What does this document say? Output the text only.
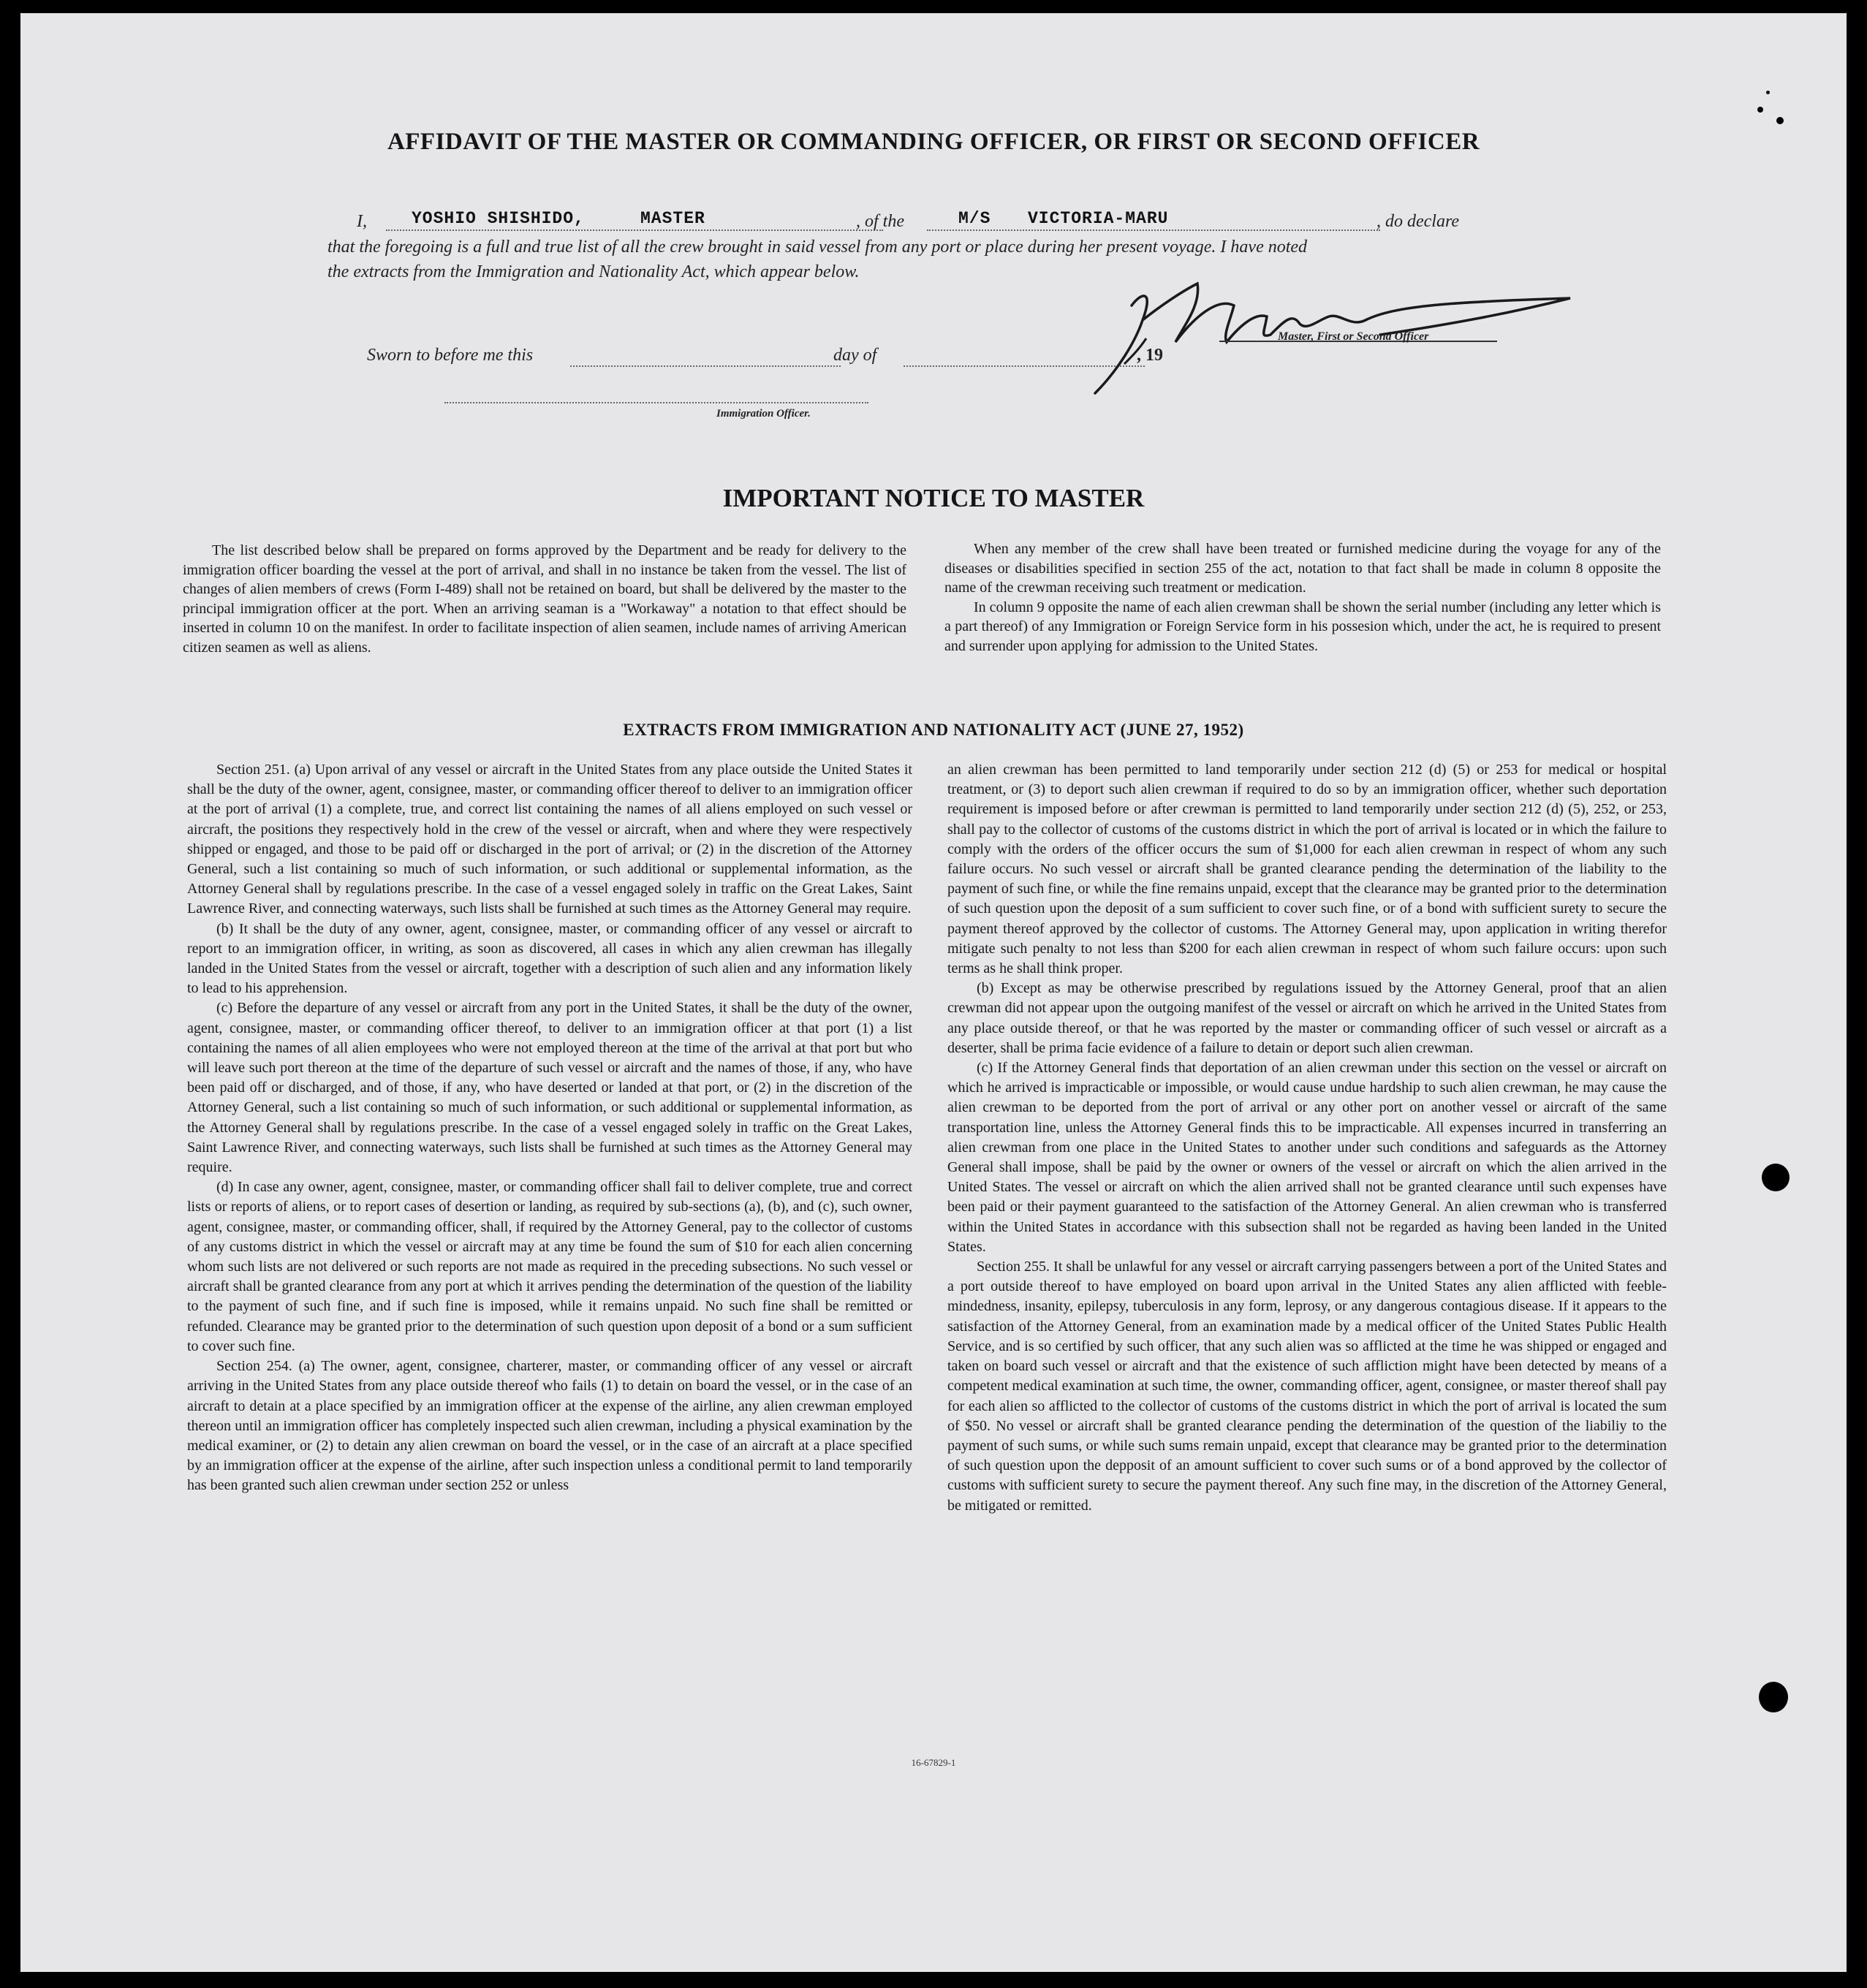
AFFIDAVIT OF THE MASTER OR COMMANDING OFFICER, OR FIRST OR SECOND OFFICER
I,	YOSHIO SHISHIDO,	MASTER	, of the	M/S VICTORIA-MARU	, do declare
that the foregoing is a full and true list of all the crew brought in said vessel from any port or place during her present voyage. I have noted
the extracts from the Immigration and Nationality Act, which appear below.
Sworn to before me this	day of	, 19
Master, First or Second Officer
Immigration Officer.
IMPORTANT NOTICE TO MASTER

The list described below shall be prepared on forms approved by the Department and be ready for delivery to the immigration officer boarding the vessel at the port of arrival, and shall in no instance be taken from the vessel. The list of changes of alien members of crews (Form I-489) shall not be retained on board, but shall be delivered by the master to the principal immigration officer at the port. When an arriving seaman is a "Workaway" a notation to that effect should be inserted in column 10 on the manifest. In order to facilitate inspection of alien seamen, include names of arriving American citizen seamen as well as aliens.

When any member of the crew shall have been treated or furnished medicine during the voyage for any of the diseases or disabilities specified in section 255 of the act, notation to that fact shall be made in column 8 opposite the name of the crewman receiving such treatment or medication.

In column 9 opposite the name of each alien crewman shall be shown the serial number (including any letter which is a part thereof) of any Immigration or Foreign Service form in his possesion which, under the act, he is required to present and surrender upon applying for admission to the United States.

EXTRACTS FROM IMMIGRATION AND NATIONALITY ACT (JUNE 27, 1952)

Section 251. (a) Upon arrival of any vessel or aircraft in the United States from any place outside the United States it shall be the duty of the owner, agent, consignee, master, or commanding officer thereof to deliver to an immigration officer at the port of arrival (1) a complete, true, and correct list containing the names of all aliens employed on such vessel or aircraft, the positions they respectively hold in the crew of the vessel or aircraft, when and where they were respectively shipped or engaged, and those to be paid off or discharged in the port of arrival; or (2) in the discretion of the Attorney General, such a list containing so much of such information, or such additional or supplemental information, as the Attorney General shall by regulations prescribe. In the case of a vessel engaged solely in traffic on the Great Lakes, Saint Lawrence River, and connecting waterways, such lists shall be furnished at such times as the Attorney General may require.

(b) It shall be the duty of any owner, agent, consignee, master, or commanding officer of any vessel or aircraft to report to an immigration officer, in writing, as soon as discovered, all cases in which any alien crewman has illegally landed in the United States from the vessel or aircraft, together with a description of such alien and any information likely to lead to his apprehension.

(c) Before the departure of any vessel or aircraft from any port in the United States, it shall be the duty of the owner, agent, consignee, master, or commanding officer thereof, to deliver to an immigration officer at that port (1) a list containing the names of all alien employees who were not employed thereon at the time of the arrival at that port but who will leave such port thereon at the time of the departure of such vessel or aircraft and the names of those, if any, who have been paid off or discharged, and of those, if any, who have deserted or landed at that port, or (2) in the discretion of the Attorney General, such a list containing so much of such information, or such additional or supplemental information, as the Attorney General shall by regulations prescribe. In the case of a vessel engaged solely in traffic on the Great Lakes, Saint Lawrence River, and connecting waterways, such lists shall be furnished at such times as the Attorney General may require.

(d) In case any owner, agent, consignee, master, or commanding officer shall fail to deliver complete, true and correct lists or reports of aliens, or to report cases of desertion or landing, as required by sub-sections (a), (b), and (c), such owner, agent, consignee, master, or commanding officer, shall, if required by the Attorney General, pay to the collector of customs of any customs district in which the vessel or aircraft may at any time be found the sum of $10 for each alien concerning whom such lists are not delivered or such reports are not made as required in the preceding subsections. No such vessel or aircraft shall be granted clearance from any port at which it arrives pending the determination of the question of the liability to the payment of such fine, and if such fine is imposed, while it remains unpaid. No such fine shall be remitted or refunded. Clearance may be granted prior to the determination of such question upon deposit of a bond or a sum sufficient to cover such fine.

Section 254. (a) The owner, agent, consignee, charterer, master, or commanding officer of any vessel or aircraft arriving in the United States from any place outside thereof who fails (1) to detain on board the vessel, or in the case of an aircraft to detain at a place specified by an immigration officer at the expense of the airline, any alien crewman employed thereon until an immigration officer has completely inspected such alien crewman, including a physical examination by the medical examiner, or (2) to detain any alien crewman on board the vessel, or in the case of an aircraft at a place specified by an immigration officer at the expense of the airline, after such inspection unless a conditional permit to land temporarily has been granted such alien crewman under section 252 or unless

an alien crewman has been permitted to land temporarily under section 212 (d) (5) or 253 for medical or hospital treatment, or (3) to deport such alien crewman if required to do so by an immigration officer, whether such deportation requirement is imposed before or after crewman is permitted to land temporarily under section 212 (d) (5), 252, or 253, shall pay to the collector of customs of the customs district in which the port of arrival is located or in which the failure to comply with the orders of the officer occurs the sum of $1,000 for each alien crewman in respect of whom any such failure occurs. No such vessel or aircraft shall be granted clearance pending the determination of the liability to the payment of such fine, or while the fine remains unpaid, except that the clearance may be granted prior to the determination of such question upon the deposit of a sum sufficient to cover such fine, or of a bond with sufficient surety to secure the payment thereof approved by the collector of customs. The Attorney General may, upon application in writing therefor mitigate such penalty to not less than $200 for each alien crewman in respect of whom such failure occurs: upon such terms as he shall think proper.

(b) Except as may be otherwise prescribed by regulations issued by the Attorney General, proof that an alien crewman did not appear upon the outgoing manifest of the vessel or aircraft on which he arrived in the United States from any place outside thereof, or that he was reported by the master or commanding officer of such vessel or aircraft as a deserter, shall be prima facie evidence of a failure to detain or deport such alien crewman.

(c) If the Attorney General finds that deportation of an alien crewman under this section on the vessel or aircraft on which he arrived is impracticable or impossible, or would cause undue hardship to such alien crewman, he may cause the alien crewman to be deported from the port of arrival or any other port on another vessel or aircraft of the same transportation line, unless the Attorney General finds this to be impracticable. All expenses incurred in transferring an alien crewman from one place in the United States to another under such conditions and safeguards as the Attorney General shall impose, shall be paid by the owner or owners of the vessel or aircraft on which the alien arrived in the United States. The vessel or aircraft on which the alien arrived shall not be granted clearance until such expenses have been paid or their payment guaranteed to the satisfaction of the Attorney General. An alien crewman who is transferred within the United States in accordance with this subsection shall not be regarded as having been landed in the United States.

Section 255. It shall be unlawful for any vessel or aircraft carrying passengers between a port of the United States and a port outside thereof to have employed on board upon arrival in the United States any alien afflicted with feeble-mindedness, insanity, epilepsy, tuberculosis in any form, leprosy, or any dangerous contagious disease. If it appears to the satisfaction of the Attorney General, from an examination made by a medical officer of the United States Public Health Service, and is so certified by such officer, that any such alien was so afflicted at the time he was shipped or engaged and taken on board such vessel or aircraft and that the existence of such affliction might have been detected by means of a competent medical examination at such time, the owner, commanding officer, agent, consignee, or master thereof shall pay for each alien so afflicted to the collector of customs of the customs district in which the port of arrival is located the sum of $50. No vessel or aircraft shall be granted clearance pending the determination of the question of the liabiliy to the payment of such sums, or while such sums remain unpaid, except that clearance may be granted prior to the determination of such question upon the depposit of an amount sufficient to cover such sums or of a bond approved by the collector of customs with sufficient surety to secure the payment thereof. Any such fine may, in the discretion of the Attorney General, be mitigated or remitted.

16-67829-1
